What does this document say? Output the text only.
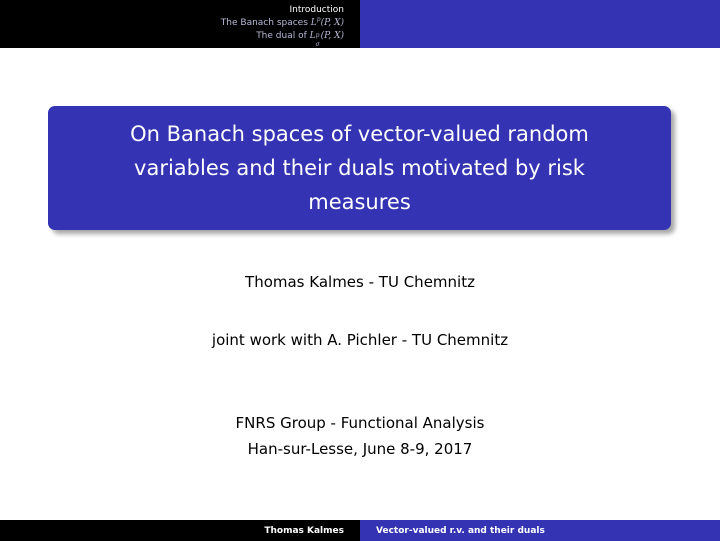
Introduction
The Banach spaces $L^p(P$, X)
The dual of L p
σ
(P, X)
On Banach spaces of vector-valued random variables and their duals motivated by risk measures
Thomas Kalmes - TU Chemnitz
joint work with A. Pichler - TU Chemnitz
FNRS Group - Functional Analysis
Han-sur-Lesse, June 8-9, 2017
Thomas Kalmes	Vector-valued r.v. and their duals
